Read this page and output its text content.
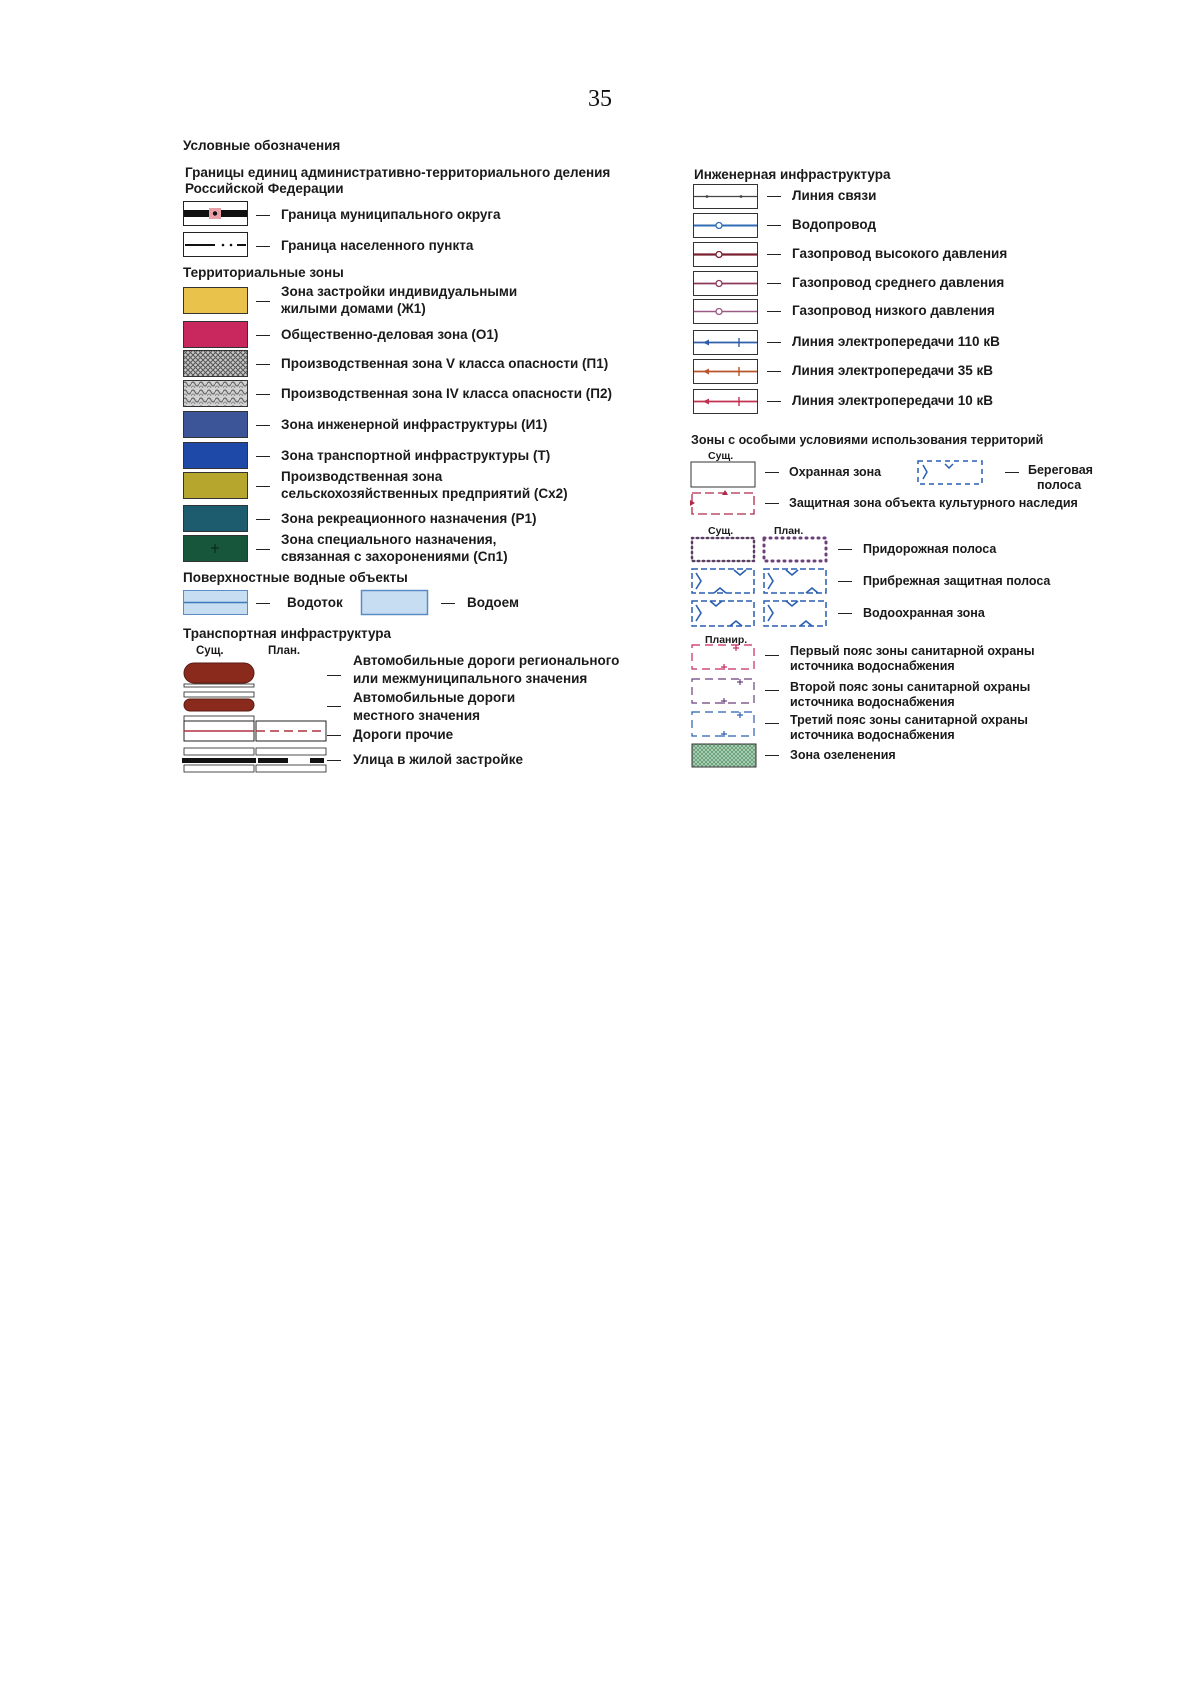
35
Условные обозначения
Границы единиц административно-территориального деления
Российской Федерации
Граница муниципального округа
Граница населенного пункта
Территориальные зоны
Зона застройки индивидуальными
жилыми домами (Ж1)
Общественно-деловая зона (О1)
Производственная зона V класса опасности (П1)
Производственная зона IV класса опасности (П2)
Зона инженерной инфраструктуры (И1)
Зона транспортной инфраструктуры (Т)
Производственная зона
сельскохозяйственных предприятий (Сх2)
Зона рекреационного назначения (Р1)
Зона специального назначения,
связанная с захоронениями (Сп1)
Поверхностные водные объекты
Водоток	Водоем
Транспортная инфраструктура
Сущ.	План.
Автомобильные дороги регионального
или межмуниципального значения
Автомобильные дороги
местного значения
Дороги прочие
Улица в жилой застройке
Инженерная инфраструктура
Линия связи
Водопровод
Газопровод высокого давления
Газопровод среднего давления
Газопровод низкого давления
Линия электропередачи 110 кВ
Линия электропередачи 35 кВ
Линия электропередачи 10 кВ
Зоны с особыми условиями использования территорий
Сущ.
Охранная зона	Береговая
полоса
Защитная зона объекта культурного наследия
Сущ.	План.
Придорожная полоса
Прибрежная защитная полоса
Водоохранная зона
Планир.
Первый пояс зоны санитарной охраны
источника водоснабжения
Второй пояс зоны санитарной охраны
источника водоснабжения
Третий пояс зоны санитарной охраны
источника водоснабжения
Зона озеленения
